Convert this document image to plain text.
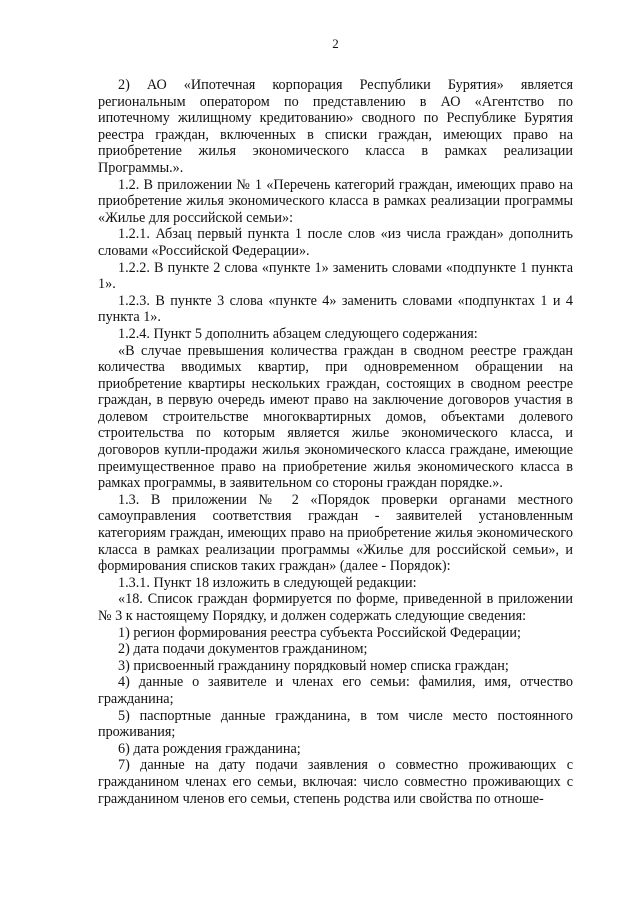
2

2) АО «Ипотечная корпорация Республики Бурятия» является региональным оператором по представлению в АО «Агентство по ипотечному жилищному кредитованию» сводного по Республике Бурятия реестра граждан, включенных в списки граждан, имеющих право на приобретение жилья экономического класса в рамках реализации Программы.».

1.2. В приложении № 1 «Перечень категорий граждан, имеющих право на приобретение жилья экономического класса в рамках реализации программы «Жилье для российской семьи»:

1.2.1. Абзац первый пункта 1 после слов «из числа граждан» дополнить словами «Российской Федерации».

1.2.2. В пункте 2 слова «пункте 1» заменить словами «подпункте 1 пункта 1».

1.2.3. В пункте 3 слова «пункте 4» заменить словами «подпунктах 1 и 4 пункта 1».

1.2.4. Пункт 5 дополнить абзацем следующего содержания:

«В случае превышения количества граждан в сводном реестре граждан количества вводимых квартир, при одновременном обращении на приобретение квартиры нескольких граждан, состоящих в сводном реестре граждан, в первую очередь имеют право на заключение договоров участия в долевом строительстве многоквартирных домов, объектами долевого строительства по которым является жилье экономического класса, и договоров купли-продажи жилья экономического класса граждане, имеющие преимущественное право на приобретение жилья экономического класса в рамках программы, в заявительном со стороны граждан порядке.».

1.3. В приложении № 2 «Порядок проверки органами местного самоуправления соответствия граждан - заявителей установленным категориям граждан, имеющих право на приобретение жилья экономического класса в рамках реализации программы «Жилье для российской семьи», и формирования списков таких граждан» (далее - Порядок):

1.3.1. Пункт 18 изложить в следующей редакции:

«18. Список граждан формируется по форме, приведенной в приложении № 3 к настоящему Порядку, и должен содержать следующие сведения:

1) регион формирования реестра субъекта Российской Федерации;

2) дата подачи документов гражданином;

3) присвоенный гражданину порядковый номер списка граждан;

4) данные о заявителе и членах его семьи: фамилия, имя, отчество гражданина;

5) паспортные данные гражданина, в том числе место постоянного проживания;

6) дата рождения гражданина;

7) данные на дату подачи заявления о совместно проживающих с гражданином членах его семьи, включая: число совместно проживающих с гражданином членов его семьи, степень родства или свойства по отноше-
